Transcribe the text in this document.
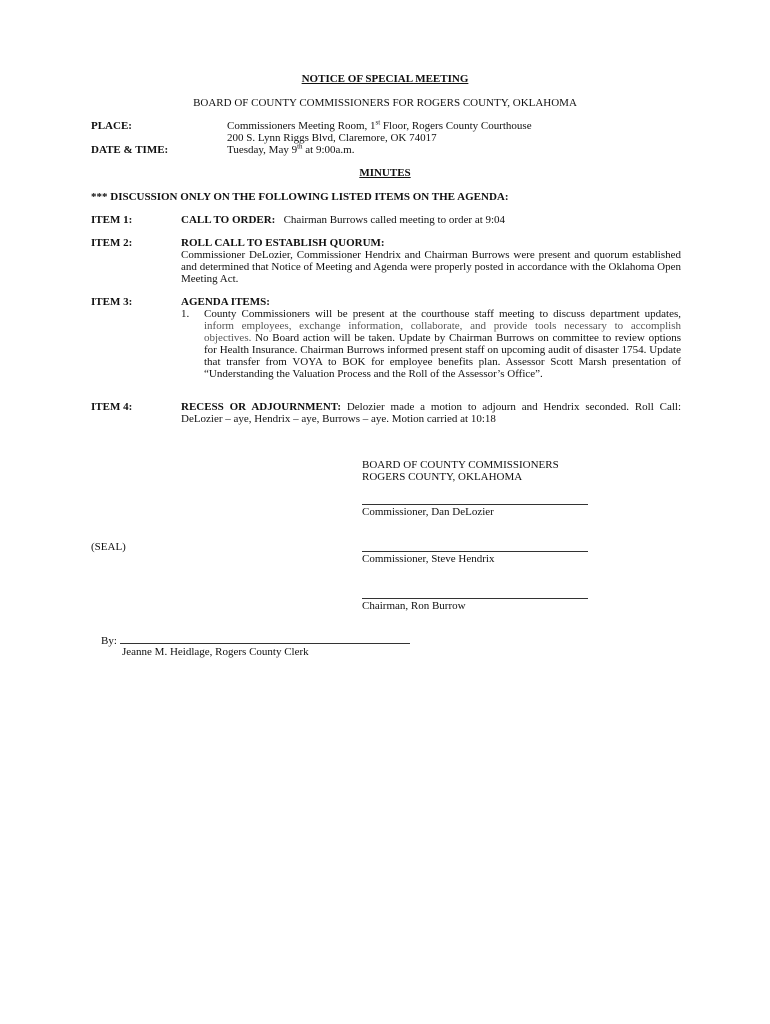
NOTICE OF SPECIAL MEETING
BOARD OF COUNTY COMMISSIONERS FOR ROGERS COUNTY, OKLAHOMA
PLACE:	Commissioners Meeting Room, 1st Floor, Rogers County Courthouse
200 S. Lynn Riggs Blvd, Claremore, OK 74017
DATE & TIME:	Tuesday, May 9th at 9:00a.m.
MINUTES
*** DISCUSSION ONLY ON THE FOLLOWING LISTED ITEMS ON THE AGENDA:
ITEM 1:	CALL TO ORDER: Chairman Burrows called meeting to order at 9:04
ITEM 2:	ROLL CALL TO ESTABLISH QUORUM:
Commissioner DeLozier, Commissioner Hendrix and Chairman Burrows were present and quorum established and determined that Notice of Meeting and Agenda were properly posted in accordance with the Oklahoma Open Meeting Act.
ITEM 3:	AGENDA ITEMS:
1.	County Commissioners will be present at the courthouse staff meeting to discuss department updates, inform employees, exchange information, collaborate, and provide tools necessary to accomplish objectives. No Board action will be taken. Update by Chairman Burrows on committee to review options for Health Insurance. Chairman Burrows informed present staff on upcoming audit of disaster 1754. Update that transfer from VOYA to BOK for employee benefits plan. Assessor Scott Marsh presentation of “Understanding the Valuation Process and the Roll of the Assessor’s Office”.
ITEM 4:	RECESS OR ADJOURNMENT: Delozier made a motion to adjourn and Hendrix seconded. Roll Call: DeLozier – aye, Hendrix – aye, Burrows – aye. Motion carried at 10:18
BOARD OF COUNTY COMMISSIONERS
ROGERS COUNTY, OKLAHOMA
Commissioner, Dan DeLozier
(SEAL)
Commissioner, Steve Hendrix
Chairman, Ron Burrow
By:
Jeanne M. Heidlage, Rogers County Clerk
